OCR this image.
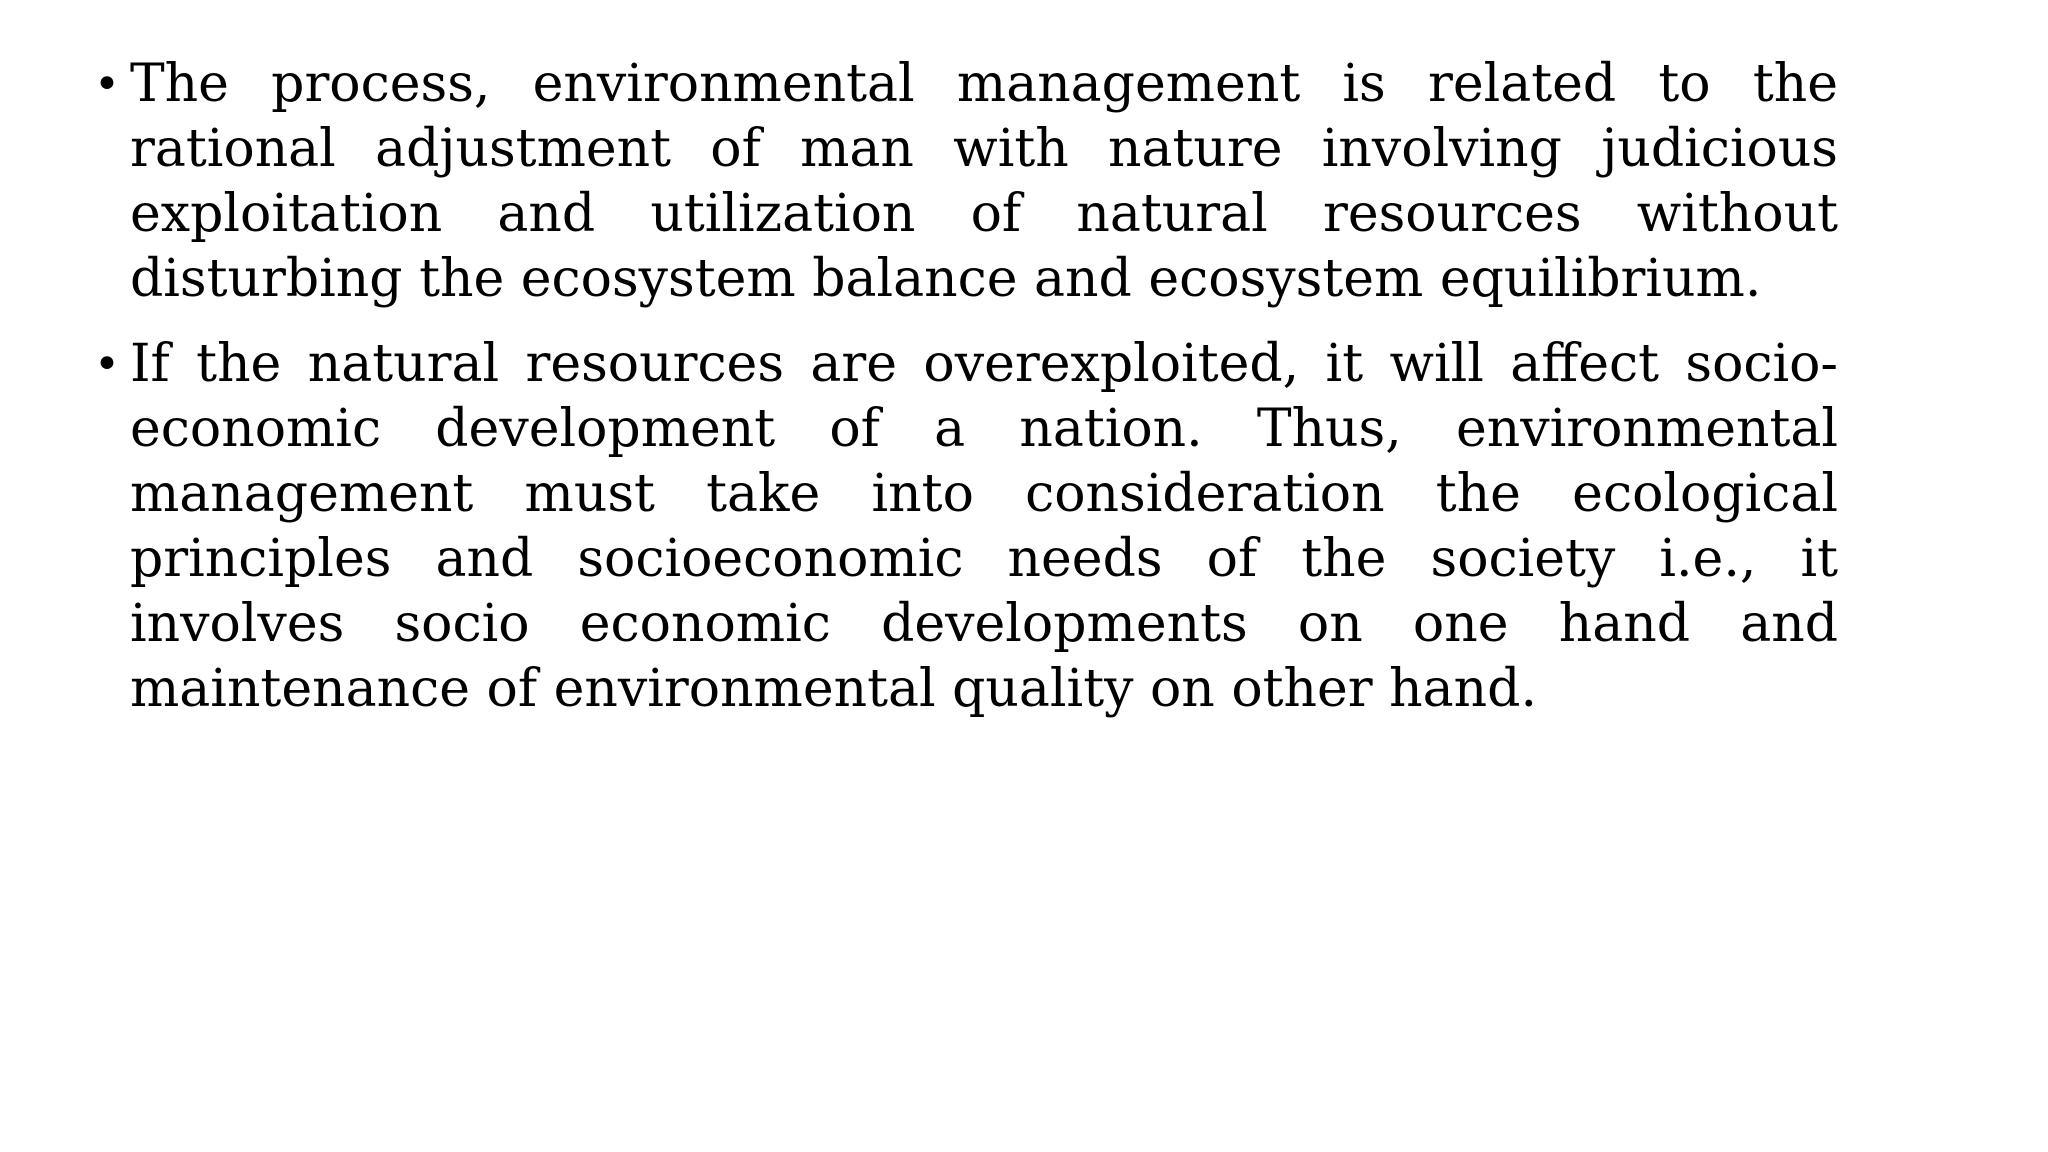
• The process, environmental management is related to the rational adjustment of man with nature involving judicious exploitation and utilization of natural resources without disturbing the ecosystem balance and ecosystem equilibrium.
• If the natural resources are overexploited, it will affect socio-economic development of a nation. Thus, environmental management must take into consideration the ecological principles and socioeconomic needs of the society i.e., it involves socio economic developments on one hand and maintenance of environmental quality on other hand.
